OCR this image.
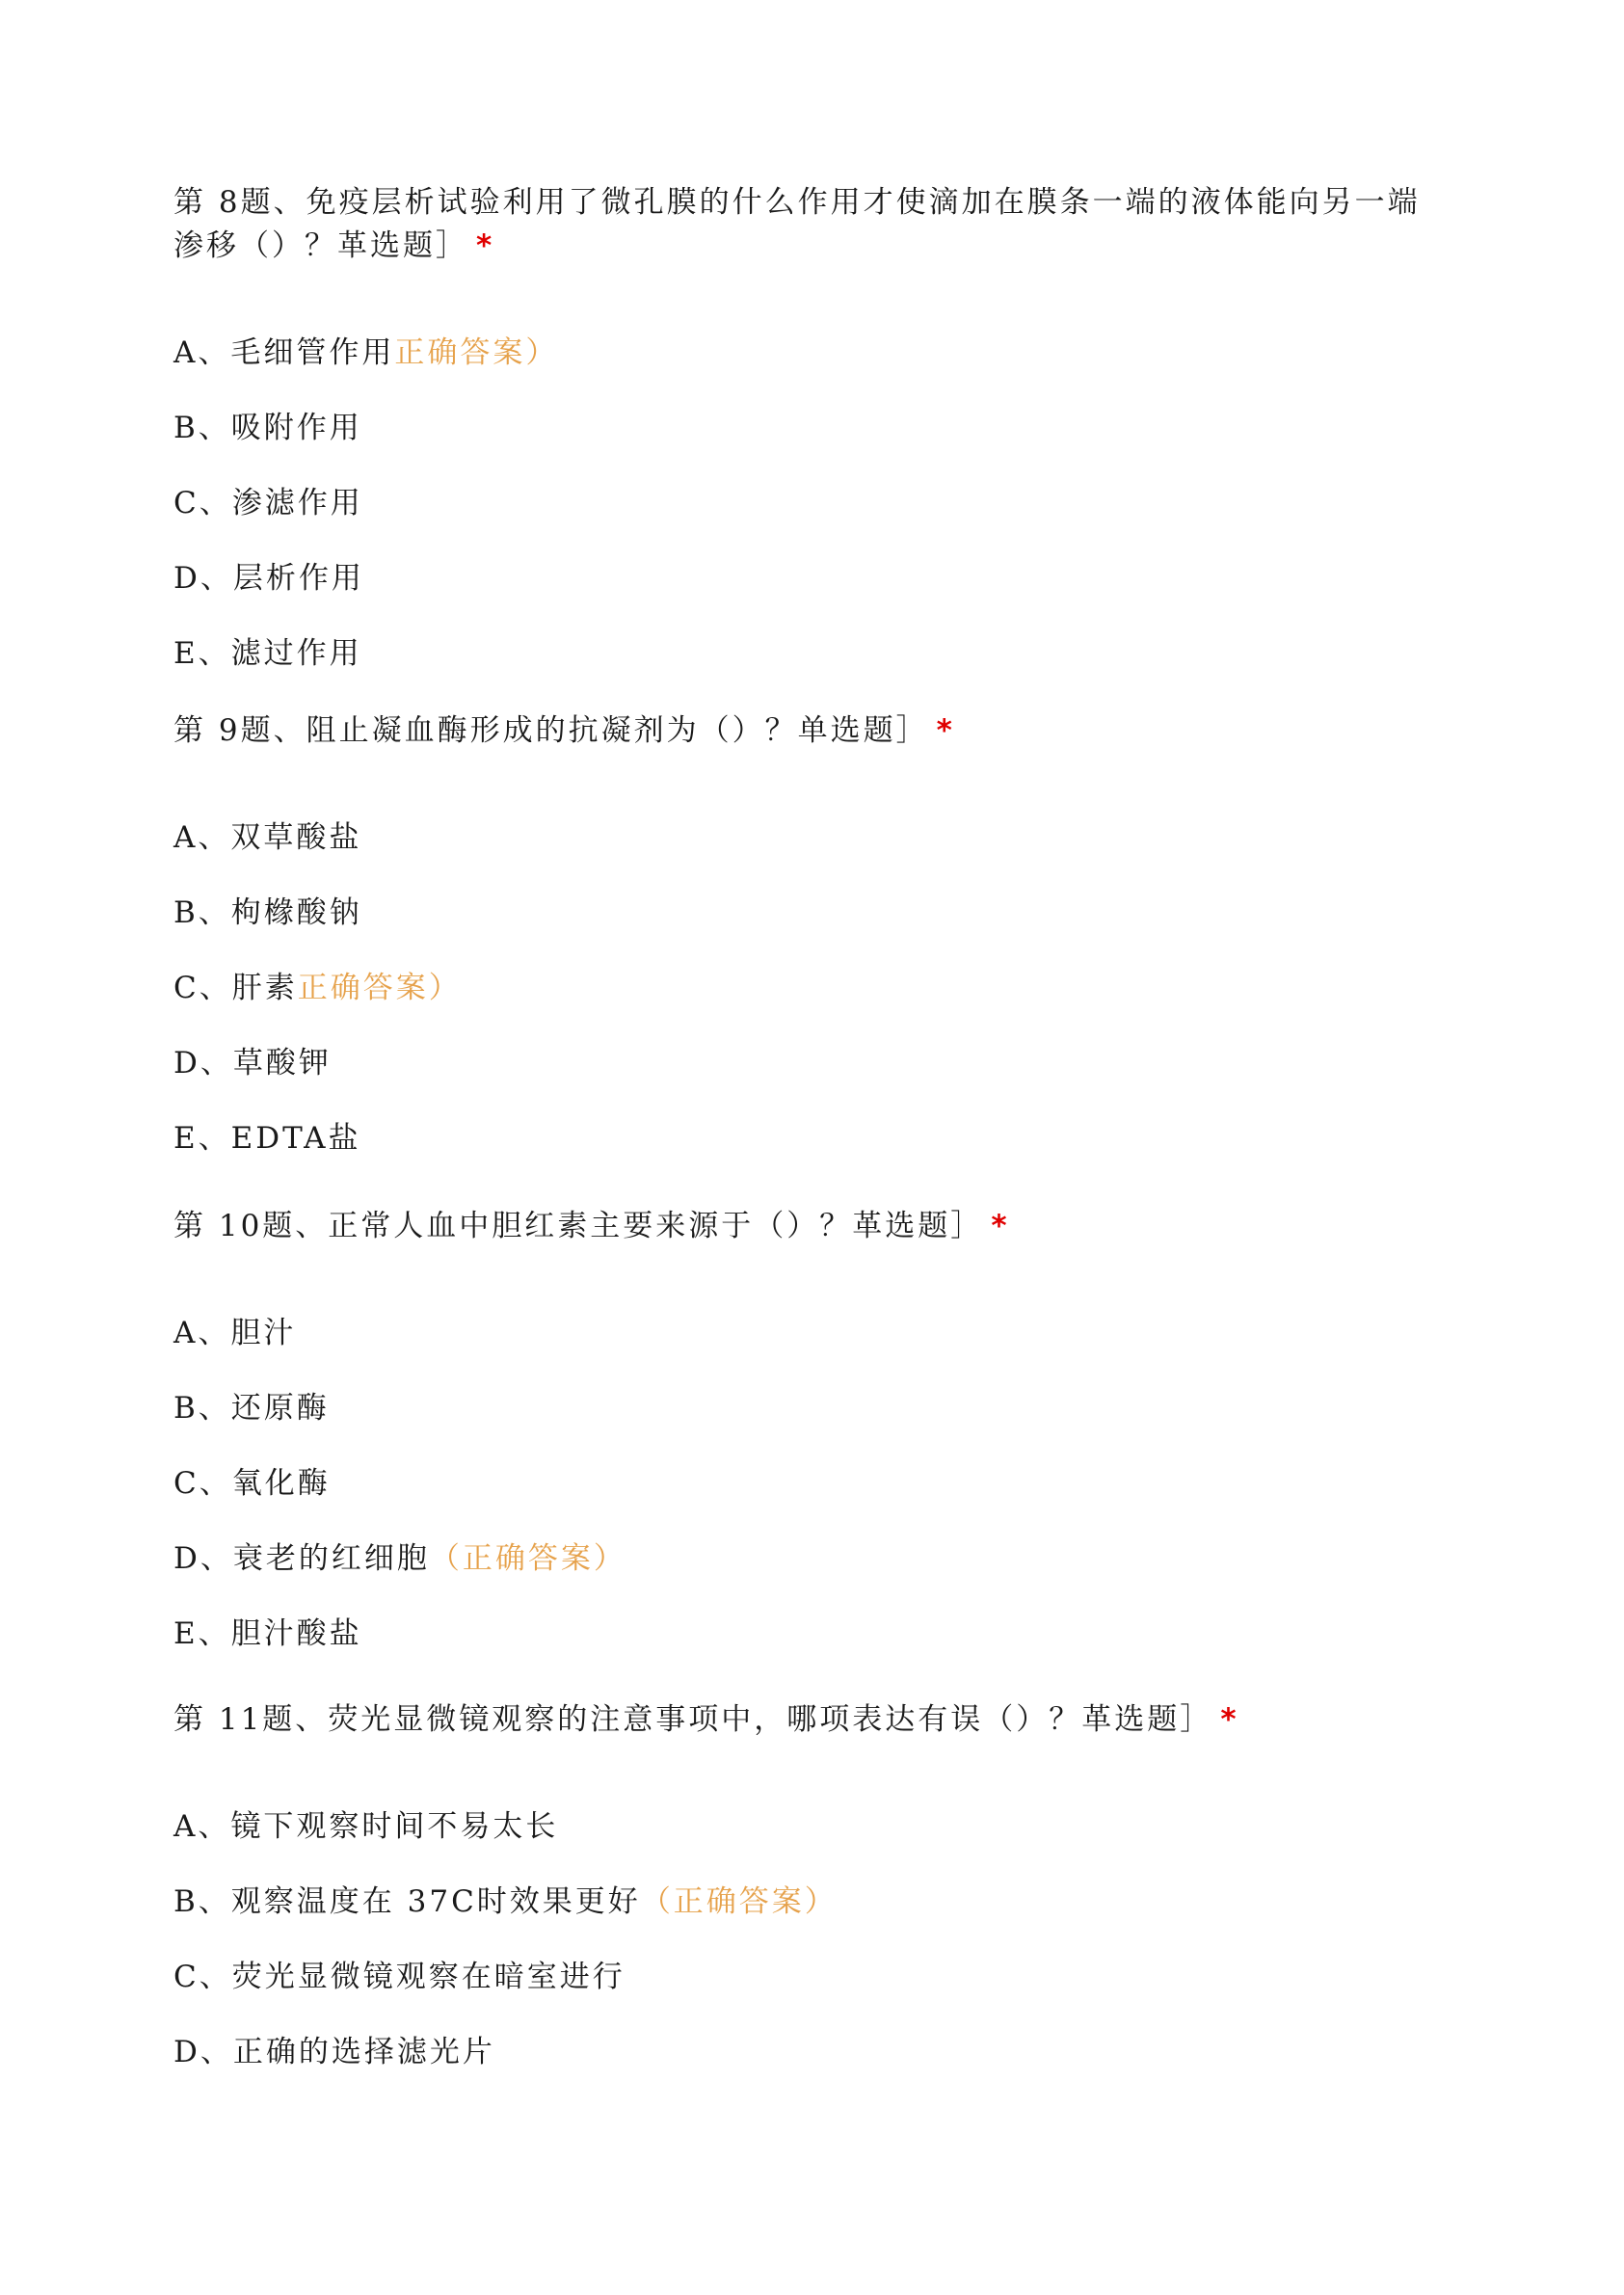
第 8题、免疫层析试验利用了微孔膜的什么作用才使滴加在膜条一端的液体能向另一端
渗移（）？革选题］ *

A、毛细管作用正确答案）
B、吸附作用
C、渗滤作用
D、层析作用
E、滤过作用

第 9题、阻止凝血酶形成的抗凝剂为（）？单选题］ *

A、双草酸盐
B、枸橼酸钠
C、肝素正确答案）
D、草酸钾
E、EDTA盐

第 10题、正常人血中胆红素主要来源于（）？革选题］ *

A、胆汁
B、还原酶
C、氧化酶
D、衰老的红细胞（正确答案）
E、胆汁酸盐

第 11题、荧光显微镜观察的注意事项中，哪项表达有误（）？革选题］ *

A、镜下观察时间不易太长
B、观察温度在 37C时效果更好（正确答案）
C、荧光显微镜观察在暗室进行
D、正确的选择滤光片
